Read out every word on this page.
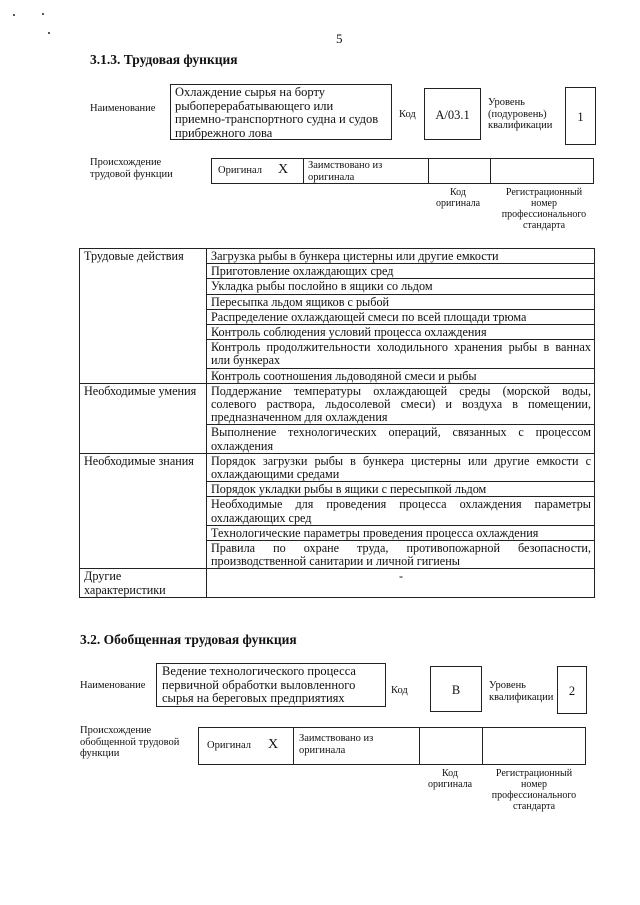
5
3.1.3. Трудовая функция
Наименование
Охлаждение сырья на борту
рыбоперерабатывающего или
приемно-транспортного судна и судов
прибрежного лова
Код	А/03.1
Уровень
(подуровень)
квалификации
1
Происхождение
трудовой функции	Оригинал X Заимствовано из
оригинала
Код
оригинала
Регистрационный
номер
профессионального
стандарта
Трудовые действия	Загрузка рыбы в бункера цистерны или другие емкости
	Приготовление охлаждающих сред
	Укладка рыбы послойно в ящики со льдом
	Пересыпка льдом ящиков с рыбой
	Распределение охлаждающей смеси по всей площади трюма
	Контроль соблюдения условий процесса охлаждения
	Контроль продолжительности холодильного хранения рыбы в ваннах или бункерах
	Контроль соотношения льдоводяной смеси и рыбы
Необходимые умения	Поддержание температуры охлаждающей среды (морской воды, солевого раствора, льдосолевой смеси) и воздуха в помещении, предназначенном для охлаждения
	Выполнение технологических операций, связанных с процессом охлаждения
Необходимые знания	Порядок загрузки рыбы в бункера цистерны или другие емкости с охлаждающими средами
	Порядок укладки рыбы в ящики с пересыпкой льдом
	Необходимые для проведения процесса охлаждения параметры охлаждающих сред
	Технологические параметры проведения процесса охлаждения
	Правила по охране труда, противопожарной безопасности, производственной санитарии и личной гигиены
Другие характеристики	-
3.2. Обобщенная трудовая функция
Наименование
Ведение технологического процесса
первичной обработки выловленного
сырья на береговых предприятиях
Код	В	Уровень
квалификации	2
Происхождение
обобщенной трудовой
функции
Оригинал X Заимствовано из
оригинала
Код
оригинала
Регистрационный
номер
профессионального
стандарта
